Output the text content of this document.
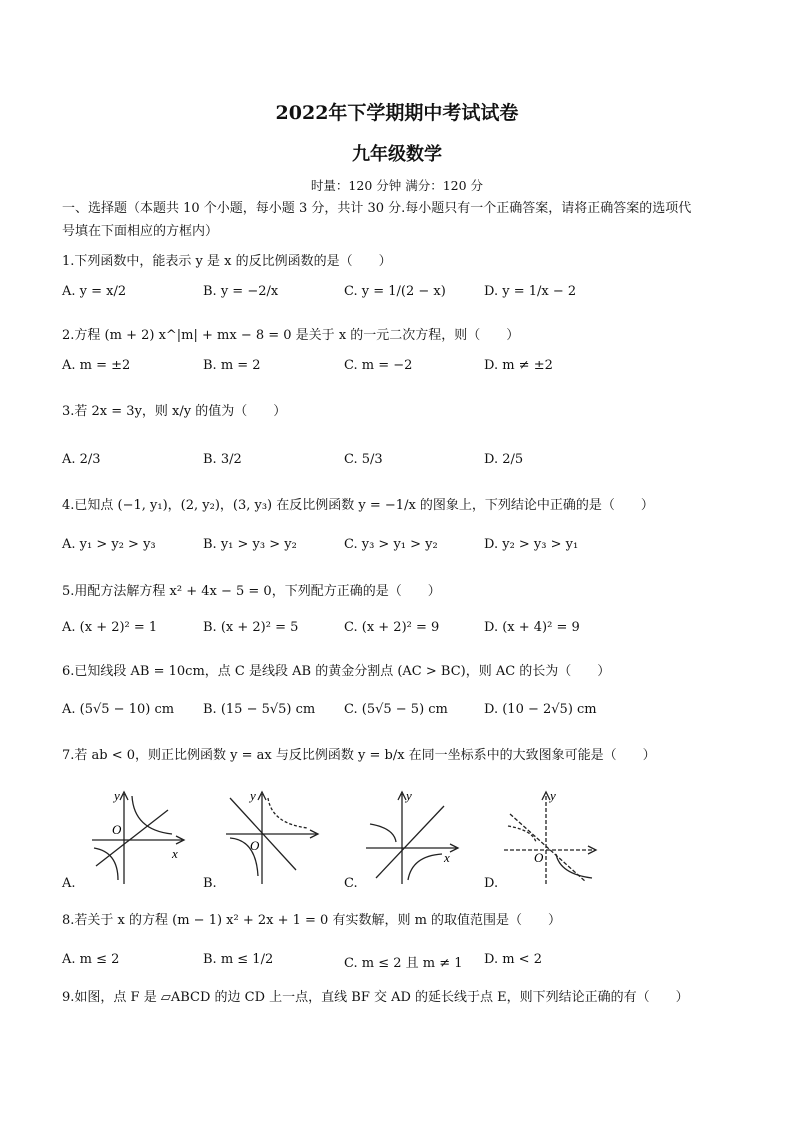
2022年下学期期中考试试卷
九年级数学
时量：120 分钟 满分：120 分
一、选择题（本题共 10 个小题，每小题 3 分，共计 30 分.每小题只有一个正确答案，请将正确答案的选项代
号填在下面相应的方框内）
1.下列函数中，能表示 y 是 x 的反比例函数的是（　　）
A. y = x/2	B. y = −2/x	C. y = 1/(2 − x)	D. y = 1/x − 2
2.方程 (m + 2) x^|m| + mx − 8 = 0 是关于 x 的一元二次方程，则（　　）
A. m = ±2	B. m = 2	C. m = −2	D. m ≠ ±2
3.若 2x = 3y，则 x/y 的值为（　　）
A. 2/3	B. 3/2	C. 5/3	D. 2/5
4.已知点 (−1, y₁)，(2, y₂)，(3, y₃) 在反比例函数 y = −1/x 的图象上，下列结论中正确的是（　　）
A. y₁ > y₂ > y₃	B. y₁ > y₃ > y₂	C. y₃ > y₁ > y₂	D. y₂ > y₃ > y₁
5.用配方法解方程 x² + 4x − 5 = 0，下列配方正确的是（　　）
A. (x + 2)² = 1	B. (x + 2)² = 5	C. (x + 2)² = 9	D. (x + 4)² = 9
6.已知线段 AB = 10cm，点 C 是线段 AB 的黄金分割点 (AC > BC)，则 AC 的长为（　　）
A. (5√5 − 10) cm B. (15 − 5√5) cm C. (5√5 − 5) cm	D. (10 − 2√5) cm
7.若 ab < 0，则正比例函数 y = ax 与反比例函数 y = b/x 在同一坐标系中的大致图象可能是（　　）
O
y
x
A.
O
y
B.
y
x
C.
O
y
D.
8.若关于 x 的方程 (m − 1) x² + 2x + 1 = 0 有实数解，则 m 的取值范围是（　　）
A. m ≤ 2	B. m ≤ 1/2	C. m ≤ 2 且 m ≠ 1 D. m < 2
9.如图，点 F 是 ▱ABCD 的边 CD 上一点，直线 BF 交 AD 的延长线于点 E，则下列结论正确的有（　　）
